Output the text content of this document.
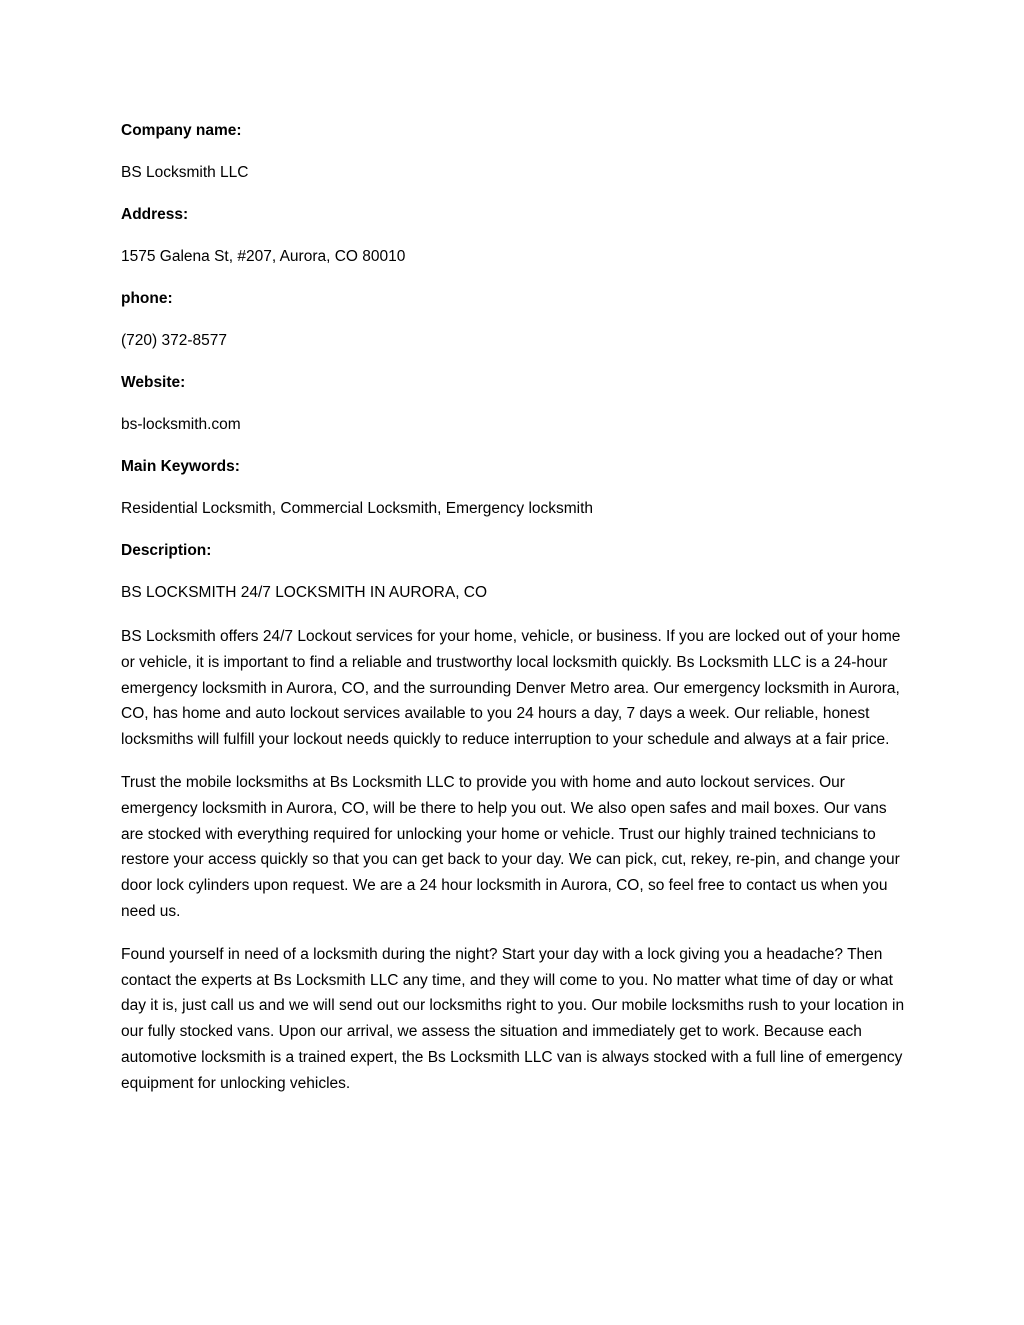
Company name:

BS Locksmith LLC

Address:

1575 Galena St, #207, Aurora, CO 80010

phone:

(720) 372-8577

Website:

bs-locksmith.com

Main Keywords:

Residential Locksmith, Commercial Locksmith, Emergency locksmith

Description:

BS LOCKSMITH 24/7 LOCKSMITH IN AURORA, CO

BS Locksmith offers 24/7 Lockout services for your home, vehicle, or business. If you are locked out of your home or vehicle, it is important to find a reliable and trustworthy local locksmith quickly. Bs Locksmith LLC is a 24-hour emergency locksmith in Aurora, CO, and the surrounding Denver Metro area. Our emergency locksmith in Aurora, CO, has home and auto lockout services available to you 24 hours a day, 7 days a week. Our reliable, honest locksmiths will fulfill your lockout needs quickly to reduce interruption to your schedule and always at a fair price.

Trust the mobile locksmiths at Bs Locksmith LLC to provide you with home and auto lockout services. Our emergency locksmith in Aurora, CO, will be there to help you out. We also open safes and mail boxes. Our vans are stocked with everything required for unlocking your home or vehicle. Trust our highly trained technicians to restore your access quickly so that you can get back to your day. We can pick, cut, rekey, re-pin, and change your door lock cylinders upon request. We are a 24 hour locksmith in Aurora, CO, so feel free to contact us when you need us.

Found yourself in need of a locksmith during the night? Start your day with a lock giving you a headache? Then contact the experts at Bs Locksmith LLC any time, and they will come to you. No matter what time of day or what day it is, just call us and we will send out our locksmiths right to you. Our mobile locksmiths rush to your location in our fully stocked vans. Upon our arrival, we assess the situation and immediately get to work. Because each automotive locksmith is a trained expert, the Bs Locksmith LLC van is always stocked with a full line of emergency equipment for unlocking vehicles.
